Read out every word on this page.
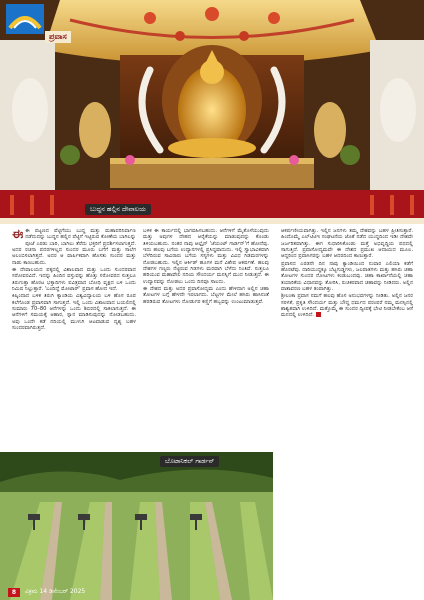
ಪ್ರವಾಸ
ಬುದ್ಧನ ಹಲ್ಲಿನ ದೇವಾಲಯ

ಈಈ ಪಟ್ಟಣದ ಪೆಟ್ಟಿಗೆಯು ಬುದ್ಧ ಮತ್ತು ಮಹಾಪರಿನಿರ್ವಾಣ ನಡೆದುದನ್ನು ಬುದ್ಧನ ಹಲ್ಲಿನ ಪೆಟ್ಟಿಗೆ ಇಟ್ಟಿರುವ ಕೋಣೆಯ ಬಾಗಿಲನ್ನು ಪೂಜೆ ಎರಡು ಬಾರಿ, ಬಾಗಿಲು ತೆರೆದು ಭಕ್ತರಿಗೆ ಪ್ರದರ್ಶಿಸಲಾಗುತ್ತದೆ. ಅದರ ರಚನಾ ಪದರಗಳಿಲ್ಲದ ಸುಂದರ ಮೂರು ಬಗೆಗೆ ಮತ್ತು ಸಾಲೆಗ ಅಲಂಬಿಸಲಾಗಿತ್ತದೆ. ಅದರ ಆ ವಾರ್ಷಿಕವಾಗಿ ಹೊಸತು ಸುಂದರ ಮತ್ತು ನಾಡು ಕಾಣಬಹುದು.

ಈ ದೇವಾಲಯದ ಪಕ್ಕದಲ್ಲಿ ವಿಶಾಲವಾದ ಮತ್ತು ಒಂದು ಸುಂದರವಾದ ಸರೋವರವಿದೆ. ಇದನ್ನು ಹಿಂದಿನ ವಸ್ತುವನ್ನು ಹೊತ್ತು ಸರೋವರದ ಸುತ್ತಲೂ ತಿರುಗುತ್ತಾ ಹೊರಟ ಭಕ್ತಾದಿಗಳು ಪವಿತ್ರವಾದ ಬೋಧಿ ವೃಕ್ಷದ ಬಳಿ ಒಂದು ನಿಮಿಷ ನಿಲ್ಲುತ್ತಾರೆ. 'ಬಂದಿದ್ದೆ ಮೋಟಾರ್' ಪ್ರವಾಸ ಹೋದ ಇದೆ.

ಕಿಷ್ಕಿಂದಾದ ಬಳಿಕ ತಿರುಗಿ ಕ್ಯಾಂಡಿಯ ವಿಶ್ವವಿದ್ಯಾಲಯ ಬಳಿ ಹೊಸ ರೂಪ ಕಲೆಗೊಂಡ ಪ್ರವಾಸವಾಗಿ ಸಾಗುತ್ತದೆ. ಇಲ್ಲಿ ಒಂದು ವಿಶಾಲವಾದ ಬಯಲಿನಲ್ಲಿ ಸುಮಾರು 70–80 ಆನೆಗಳನ್ನು ಒಂದು ಶಿಬಿರದಲ್ಲಿ ಸಾಕಲಾಗುತ್ತದೆ. ಈ ಆನೆಗಳಿಗೆ ಸಮಯಕ್ಕೆ ಆಹಾರ, ಸ್ನಾನ ಮಾಡಿಸುವುದನ್ನು ನೋಡಬಹುದು. ಅವು ಒಂದೇ ಕಡೆ ನದಿಯಲ್ಲಿ ಮುಳುಗಿ ಆಟವಾಡುವ ದೃಶ್ಯ ಬಹಳ ಸುಂದರವಾಗಿರುತ್ತದೆ.

ಬಳಿಕ ಈ ಕಾರ್ಯದಲ್ಲಿ ಭಾಗವಹಿಸಬಹುದು. ಆನೆಗಳಿಗೆ ಮೈತೊಳೆಯುವುದು ಮತ್ತು ಅವುಗಳ ದೇಹದ ಆರೈಕೆಯನ್ನು ಮಾಡುವುದನ್ನು ಕೊಂಡು ತಿಳಿಯಬಹುದು. ನಂತರ ನಾವು ಆಲ್ಪೈನ್ 'ಜೆಯಂಟ್ ಗಾರ್ಡನ್'ಗೆ ಹೋದೆವು. ಇದು ಹಲವು ಬಗೆಯ ಉದ್ಯಾನಗಳಲ್ಲಿ ಪ್ರಸಿದ್ಧವಾದುದು. ಇಲ್ಲಿ ಸ್ವಾಭಾವಿಕವಾಗಿ ಬೆಳೆದಿರುವ ಸಾವಿರಾರು ಬಗೆಯ ಸಸ್ಯಗಳು ಮತ್ತು ವಿವಿಧ ಗಿಡಮರಗಳನ್ನು ನೋಡಬಹುದು. ಇಲ್ಲಿನ ಆರ್ಕಿಡ್ ಹೂಗಳ ಮನೆ ವಿಶೇಷ ಆಕರ್ಷಣೆ. ಹಲವು ದೇಶಗಳ ಗಣ್ಯರು ನೆಟ್ಟಿರುವ ಗಿಡಗಳು ಮರವಾಗಿ ಬೆಳೆದು ನಿಂತಿವೆ. ಸುತ್ತಲೂ ಹರಿಯುವ ಮಹಾವೇಲಿ ನದಿಯ ಸೌಂದರ್ಯ ಮನಸ್ಸಿಗೆ ಮುದ ನೀಡುತ್ತದೆ. ಈ ಉದ್ಯಾನವನ್ನು ನೋಡಲು ಒಂದು ದಿನವೂ ಸಾಲದು.

ಈ ದೇಶದ ಮತ್ತು ಅದರ ಪ್ರವಾಸೋದ್ಯಮ ಎಂದು ಹೇಳಿದಾಗ ಅಲ್ಲಿನ ಚಹಾ ತೋಟಗಳ ಬಗ್ಗೆ ಹೇಳದೇ ಇರಲಾಗದು. ಬೆಟ್ಟಗಳ ಮೇಲೆ ಹಸಿರು ಹಾಸಿನಂತೆ ಹರಡಿರುವ ತೋಟಗಳು ನೋಡುಗರ ಕಣ್ಣಿಗೆ ಹಬ್ಬವನ್ನು ಉಂಟುಮಾಡುತ್ತವೆ.

ಆಕರ್ಷಣೀಯವಾಗಿತ್ತು. ಇಲ್ಲಿನ ಜನಗಳು ತಮ್ಮ ದೇಶವನ್ನು ಬಹಳ ಪ್ರೀತಿಸುತ್ತಾರೆ. ಹಿಂದೊಮ್ಮೆ ಎಲ್‌ಟಿಟಿಇ ಸಂಘಟನೆಯ ಜೊತೆ ನಡೆದ ಯುದ್ಧದಿಂದ ಇಡೀ ದೇಶವೇ ಜರ್ಜರಿತವಾಗಿತ್ತು. ಈಗ ಸುಧಾರಿಸಿಕೊಂಡು ಮತ್ತೆ ಅಭಿವೃದ್ಧಿಯ ಪಥದಲ್ಲಿ ಸಾಗುತ್ತಿದೆ. ಪ್ರವಾಸೋದ್ಯಮವೇ ಈ ದೇಶದ ಪ್ರಮುಖ ಆದಾಯದ ಮೂಲ. ಆದ್ದರಿಂದ ಪ್ರವಾಸಿಗರನ್ನು ಬಹಳ ಆದರದಿಂದ ಕಾಣುತ್ತಾರೆ.

ಪ್ರವಾಸದ ಎರಡನೇ ದಿನ ನಾವು ಕ್ಯಾಂಡಿಯಿಂದ ನುವಾರ ಎಲಿಯಾ ಕಡೆಗೆ ಹೊರಟೆವು. ದಾರಿಯುದ್ದಕ್ಕೂ ಬೆಟ್ಟಗುಡ್ಡಗಳು, ಜಲಪಾತಗಳು ಮತ್ತು ಹಸಿರು ಚಹಾ ತೋಟಗಳ ಸುಂದರ ನೋಟಗಳು ಕಂಡುಬಂದವು. ಚಹಾ ಕಾರ್ಖಾನೆಯಲ್ಲಿ ಚಹಾ ತಯಾರಿಕೆಯ ವಿಧಾನವನ್ನು ತೋರಿಸಿ, ರುಚಿಕರವಾದ ಚಹಾವನ್ನು ನೀಡಿದರು. ಅಲ್ಲಿನ ವಾತಾವರಣ ಬಹಳ ತಂಪಾಗಿತ್ತು.

ಶ್ರೀಲಂಕಾ ಪ್ರವಾಸ ನಮಗೆ ಹಲವು ಹೊಸ ಅನುಭವಗಳನ್ನು ನೀಡಿತು. ಅಲ್ಲಿನ ಜನರ ಸರಳತೆ, ಪ್ರಕೃತಿ ಸೌಂದರ್ಯ ಮತ್ತು ಬೌದ್ಧ ಧರ್ಮದ ಪರಂಪರೆ ನಮ್ಮ ಮನಸ್ಸಿನಲ್ಲಿ ಶಾಶ್ವತವಾಗಿ ಉಳಿದಿದೆ. ಮತ್ತೊಮ್ಮೆ ಈ ಸುಂದರ ದ್ವೀಪಕ್ಕೆ ಭೇಟಿ ನೀಡಬೇಕೆಂಬ ಆಸೆ ಮನದಲ್ಲಿ ಉಳಿದಿದೆ.

ಬೊಟಾನಿಕಲ್ ಗಾರ್ಡನ್
8	ವಿಕ್ರಮ 14 ಡಿಸೆಂಬರ್ 2025
